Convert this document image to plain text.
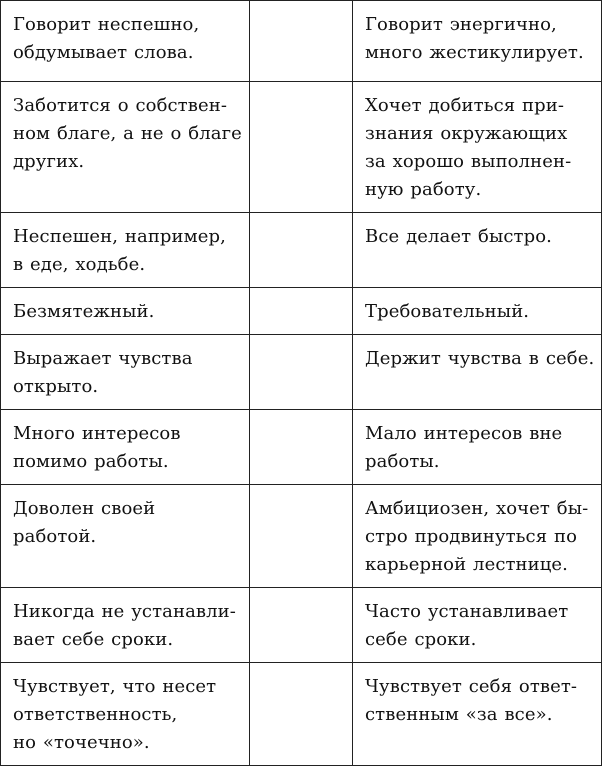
Говорит неспешно,
обдумывает слова.		Говорит энергично,
много жестикулирует.

Заботится о собствен-
ном благе, а не о благе
других.		Хочет добиться при-
знания окружающих
за хорошо выполнен-
ную работу.

Неспешен, например,
в еде, ходьбе.		Все делает быстро.

Безмятежный.		Требовательный.

Выражает чувства
открыто.		Держит чувства в себе.

Много интересов
помимо работы.		Мало интересов вне
работы.

Доволен своей
работой.		Амбициозен, хочет бы-
стро продвинуться по
карьерной лестнице.

Никогда не устанавли-
вает себе сроки.		Часто устанавливает
себе сроки.

Чувствует, что несет
ответственность,
но «точечно».		Чувствует себя ответ-
ственным «за все».
